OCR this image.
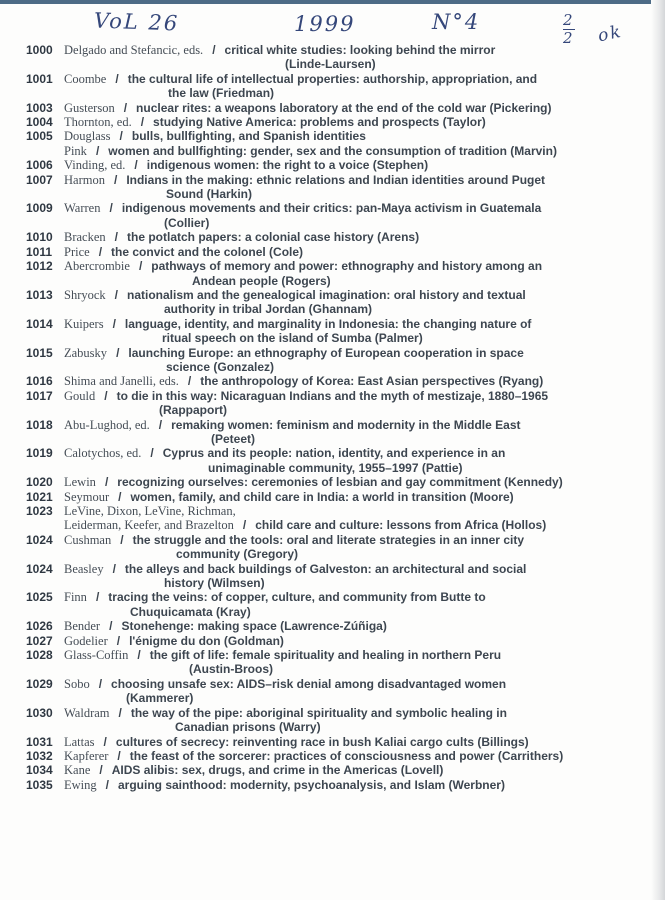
VoL 26	1999	N°4	2
2 ok
1000 Delgado and Stefancic, eds. / critical white studies: looking behind the mirror
(Linde-Laursen)
1001 Coombe / the cultural life of intellectual properties: authorship, appropriation, and
the law (Friedman)
1003 Gusterson / nuclear rites: a weapons laboratory at the end of the cold war (Pickering)
1004 Thornton, ed. / studying Native America: problems and prospects (Taylor)
1005 Douglass / bulls, bullfighting, and Spanish identities
Pink / women and bullfighting: gender, sex and the consumption of tradition (Marvin)
1006 Vinding, ed. / indigenous women: the right to a voice (Stephen)
1007 Harmon / Indians in the making: ethnic relations and Indian identities around Puget
Sound (Harkin)
1009 Warren / indigenous movements and their critics: pan-Maya activism in Guatemala
(Collier)
1010 Bracken / the potlatch papers: a colonial case history (Arens)
1011 Price / the convict and the colonel (Cole)
1012 Abercrombie / pathways of memory and power: ethnography and history among an
Andean people (Rogers)
1013 Shryock / nationalism and the genealogical imagination: oral history and textual
authority in tribal Jordan (Ghannam)
1014 Kuipers / language, identity, and marginality in Indonesia: the changing nature of
ritual speech on the island of Sumba (Palmer)
1015 Zabusky / launching Europe: an ethnography of European cooperation in space
science (Gonzalez)
1016 Shima and Janelli, eds. / the anthropology of Korea: East Asian perspectives (Ryang)
1017 Gould / to die in this way: Nicaraguan Indians and the myth of mestizaje, 1880–1965
(Rappaport)
1018 Abu-Lughod, ed. / remaking women: feminism and modernity in the Middle East
(Peteet)
1019 Calotychos, ed. / Cyprus and its people: nation, identity, and experience in an
unimaginable community, 1955–1997 (Pattie)
1020 Lewin / recognizing ourselves: ceremonies of lesbian and gay commitment (Kennedy)
1021 Seymour / women, family, and child care in India: a world in transition (Moore)
1023 LeVine, Dixon, LeVine, Richman,
Leiderman, Keefer, and Brazelton / child care and culture: lessons from Africa (Hollos)
1024 Cushman / the struggle and the tools: oral and literate strategies in an inner city
community (Gregory)
1024 Beasley / the alleys and back buildings of Galveston: an architectural and social
history (Wilmsen)
1025 Finn / tracing the veins: of copper, culture, and community from Butte to
Chuquicamata (Kray)
1026 Bender / Stonehenge: making space (Lawrence-Zúñiga)
1027 Godelier / l'énigme du don (Goldman)
1028 Glass-Coffin / the gift of life: female spirituality and healing in northern Peru
(Austin-Broos)
1029 Sobo / choosing unsafe sex: AIDS–risk denial among disadvantaged women
(Kammerer)
1030 Waldram / the way of the pipe: aboriginal spirituality and symbolic healing in
Canadian prisons (Warry)
1031 Lattas / cultures of secrecy: reinventing race in bush Kaliai cargo cults (Billings)
1032 Kapferer / the feast of the sorcerer: practices of consciousness and power (Carrithers)
1034 Kane / AIDS alibis: sex, drugs, and crime in the Americas (Lovell)
1035 Ewing / arguing sainthood: modernity, psychoanalysis, and Islam (Werbner)
